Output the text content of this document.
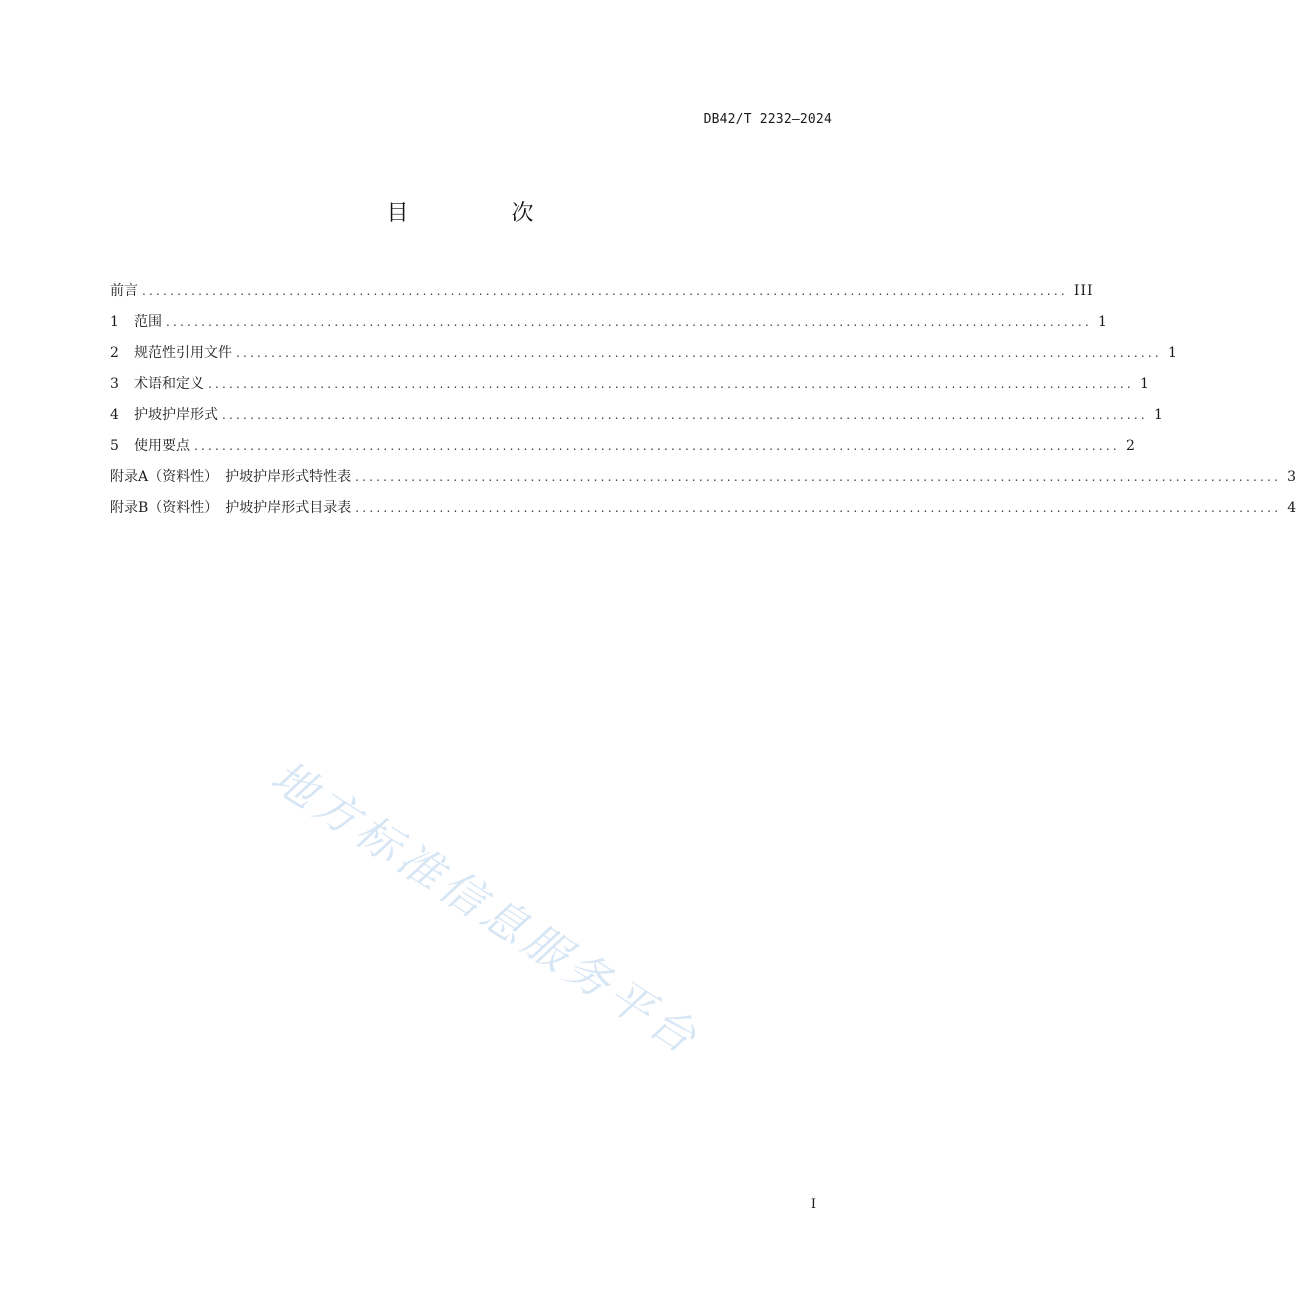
DB42/T 2232—2024
目 次
前言 .................................................................................................................................... III
1	范围 .................................................................................................................................... 1
2	规范性引用文件 .................................................................................................................................... 1
3	术语和定义 .................................................................................................................................... 1
4	护坡护岸形式 .................................................................................................................................... 1
5	使用要点 .................................................................................................................................... 2
附录A（资料性）　护坡护岸形式特性表 .................................................................................................................................... 3
附录B（资料性）　护坡护岸形式目录表 .................................................................................................................................... 4
地方标准信息服务平台
I
